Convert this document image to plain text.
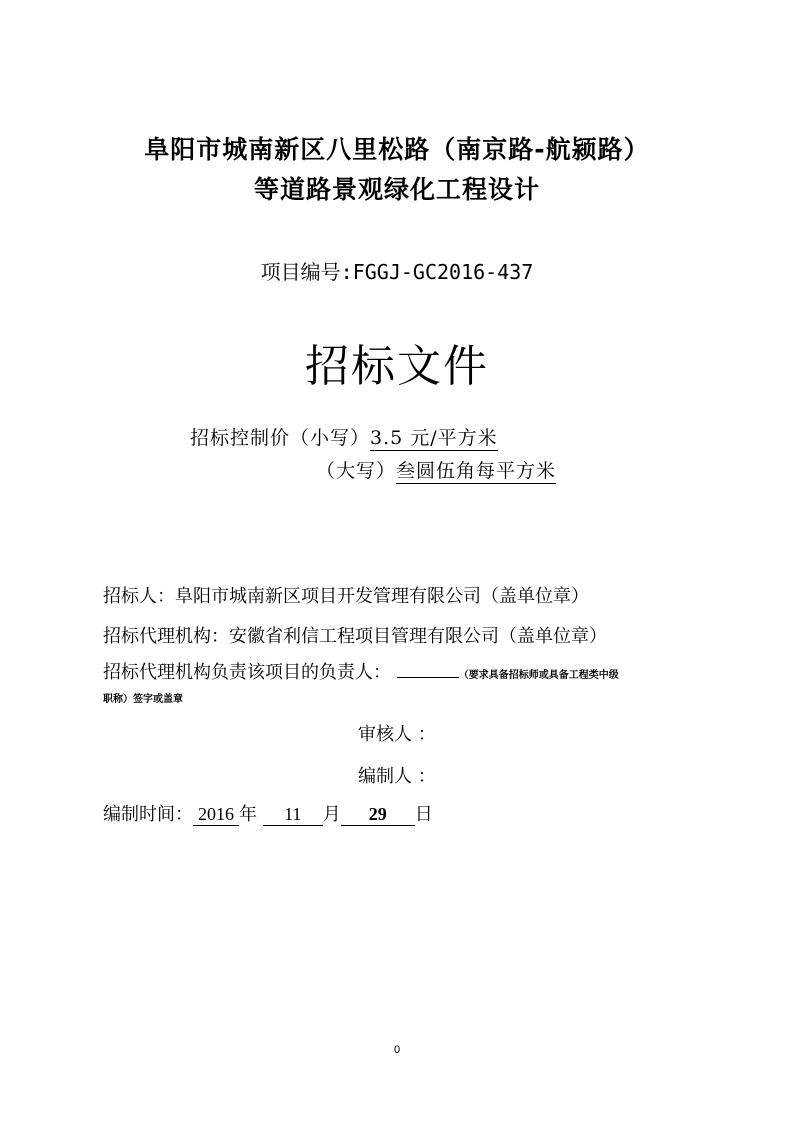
阜阳市城南新区八里松路（南京路-航颍路）
等道路景观绿化工程设计
项目编号:FGGJ-GC2016-437
招标文件
招标控制价（小写）3.5 元/平方米
（大写）叁圆伍角每平方米
招标人：阜阳市城南新区项目开发管理有限公司（盖单位章）
招标代理机构：安徽省利信工程项目管理有限公司（盖单位章）
招标代理机构负责该项目的负责人：	（要求具备招标师或具备工程类中级
职称）签字或盖章
审核人 ：
编制人 ：
编制时间： 2016 年 11 月 29 日
0
